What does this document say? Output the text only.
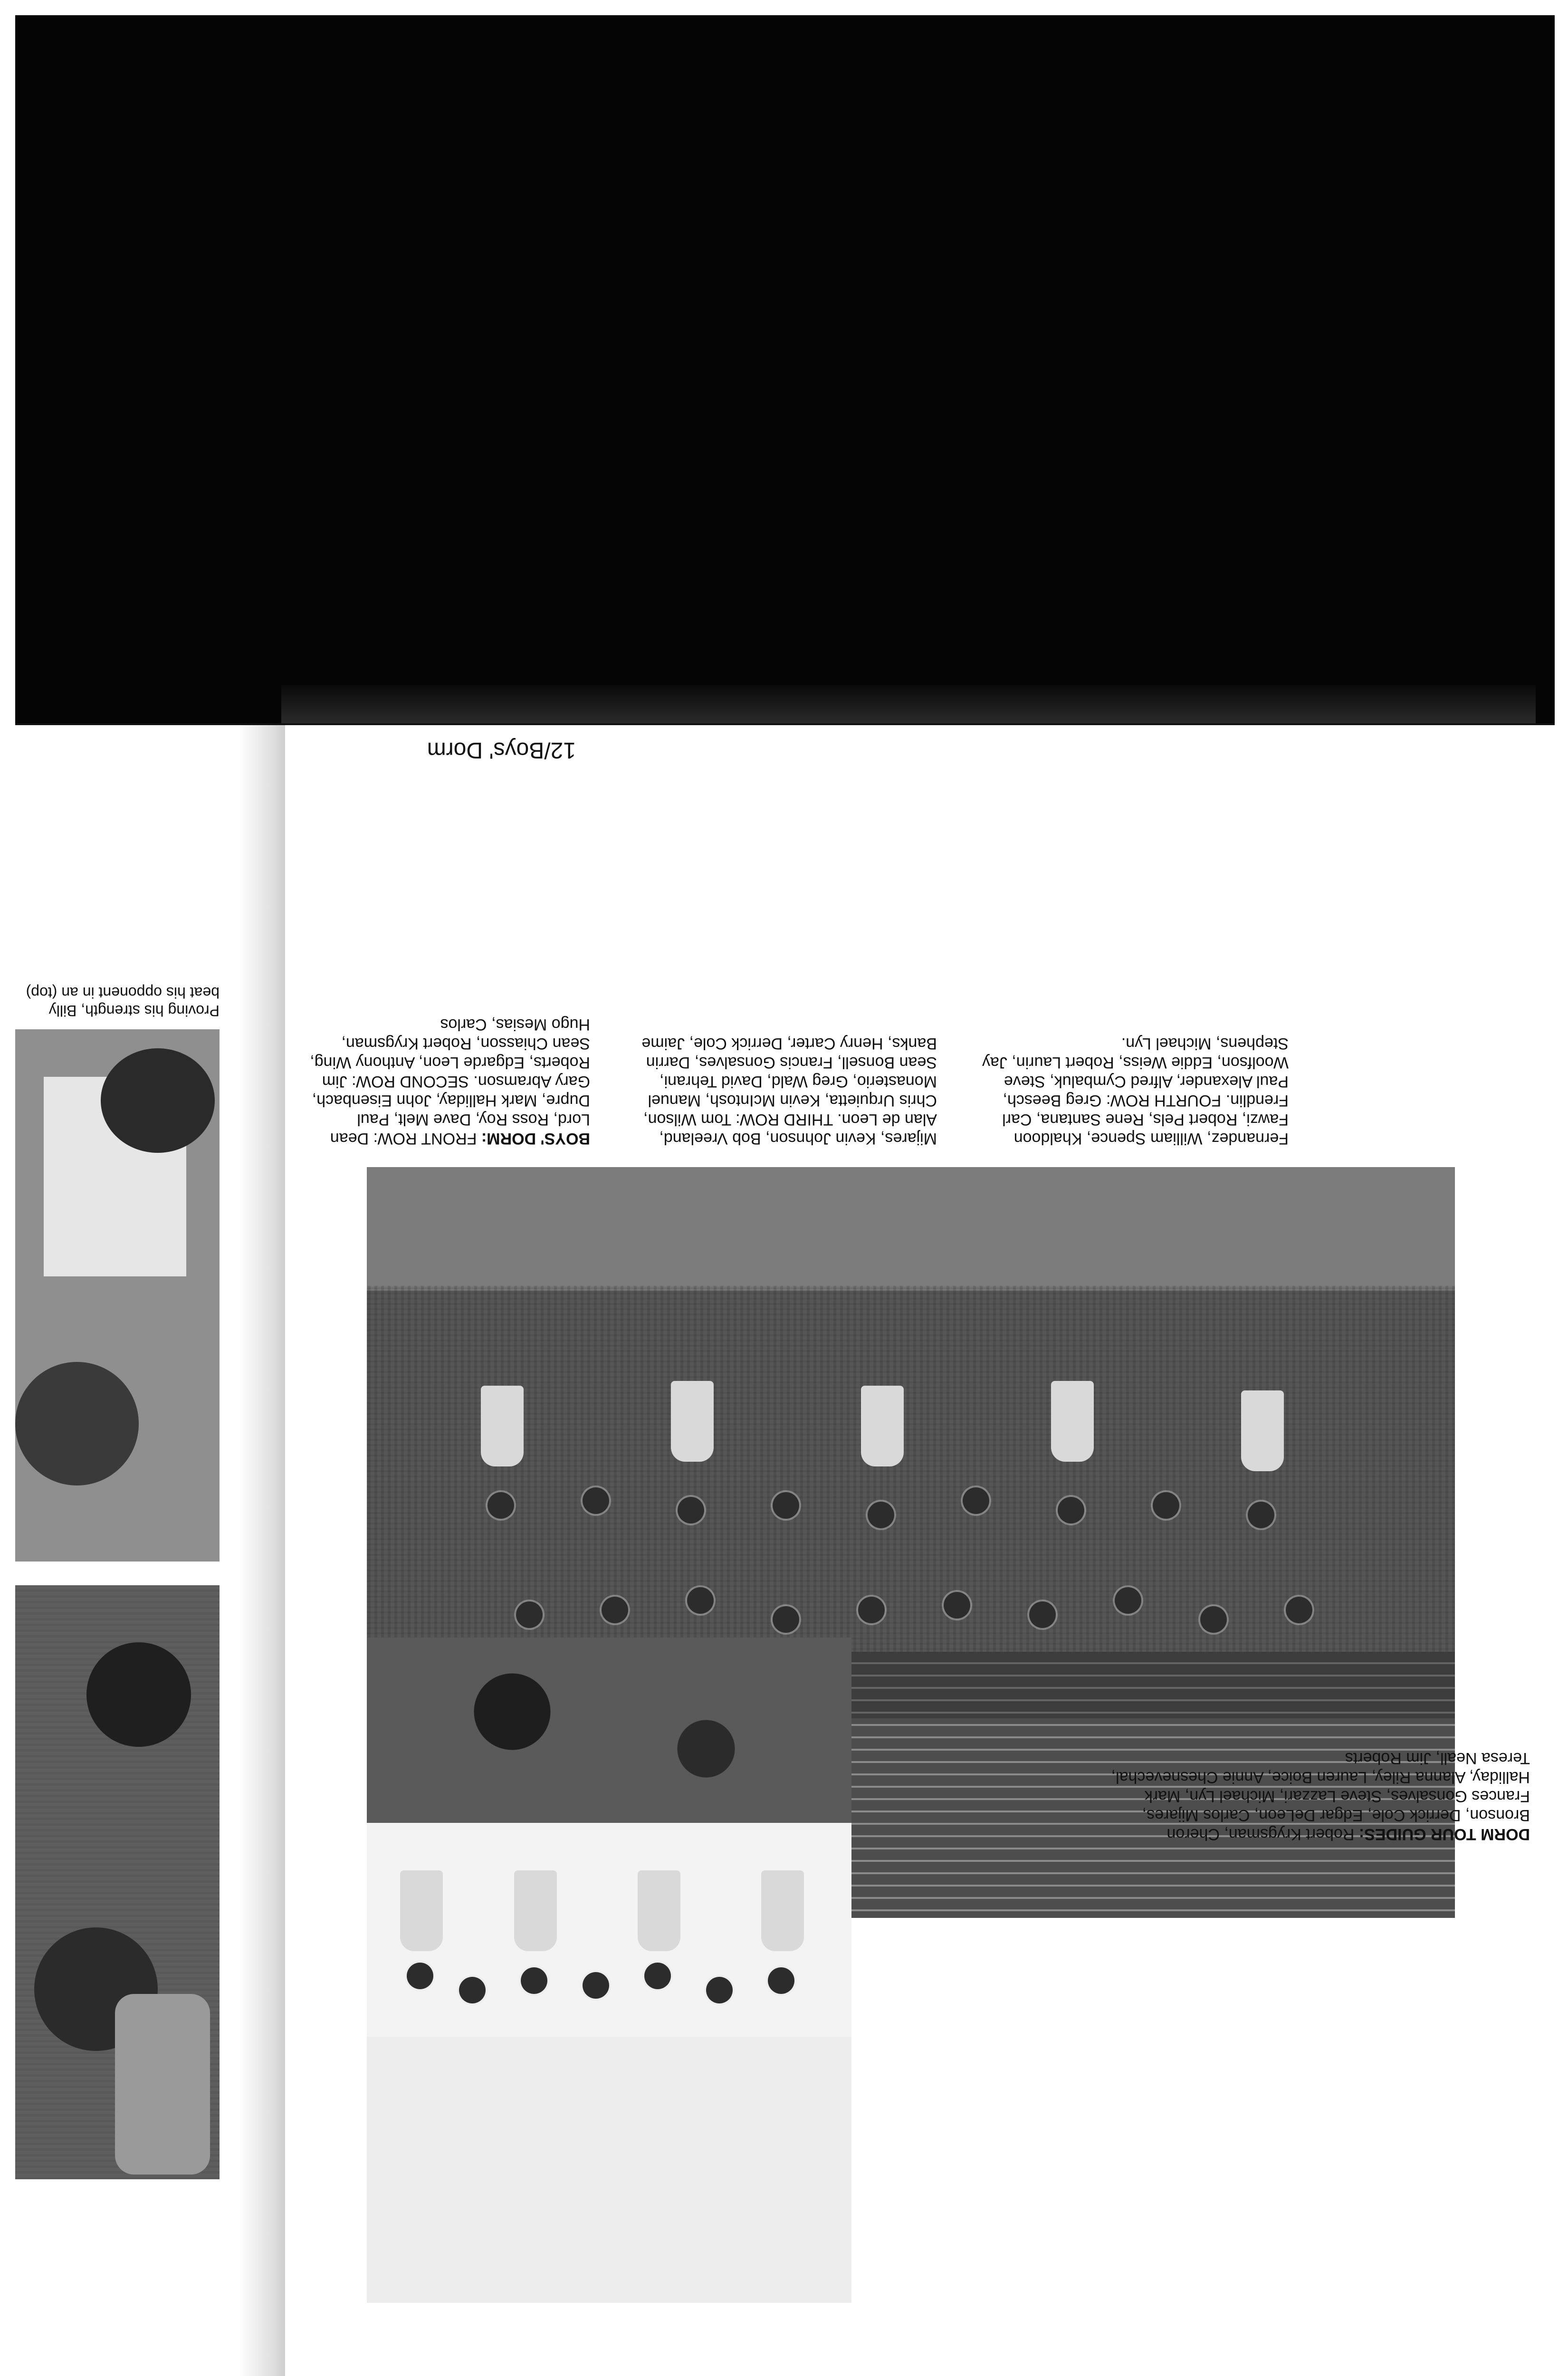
Proving his strength, Billy beat his opponent in an (top)
12/Boys' Dorm

BOYS' DORM: FRONT ROW: Dean Lord, Ross Roy, Dave Melt, Paul Dupre, Mark Halliday, John Eisenbach, Gary Abramson. SECOND ROW: Jim Roberts, Edgarde Leon, Anthony Wing, Sean Chiasson, Robert Krygsman, Hugo Mesias, Carlos

Mijares, Kevin Johnson, Bob Vreeland, Alan de Leon. THIRD ROW: Tom Wilson, Chris Urquietta, Kevin McIntosh, Manuel Monasterio, Greg Wald, David Tehrani, Sean Bonsell, Francis Gonsalves, Darrin Banks, Henry Carter, Derrick Cole, Jaime

Fernandez, William Spence, Khaldoon Fawzi, Robert Pels, Rene Santana, Carl Frendlin. FOURTH ROW: Greg Beesch, Paul Alexander, Alfred Cymbaluk, Steve Woolfson, Eddie Weiss, Robert Laurin, Jay Stephens, Michael Lyn.

DORM TOUR GUIDES: Robert Krygsman, Cheron Bronson, Derrick Cole, Edgar DeLeon, Carlos Mijares, Frances Gonsalves, Steve Lazzari, Michael Lyn, Mark Halliday, Alanna Riley, Lauren Boice, Annie Chesnevechal, Teresa Neall, Jim Roberts
